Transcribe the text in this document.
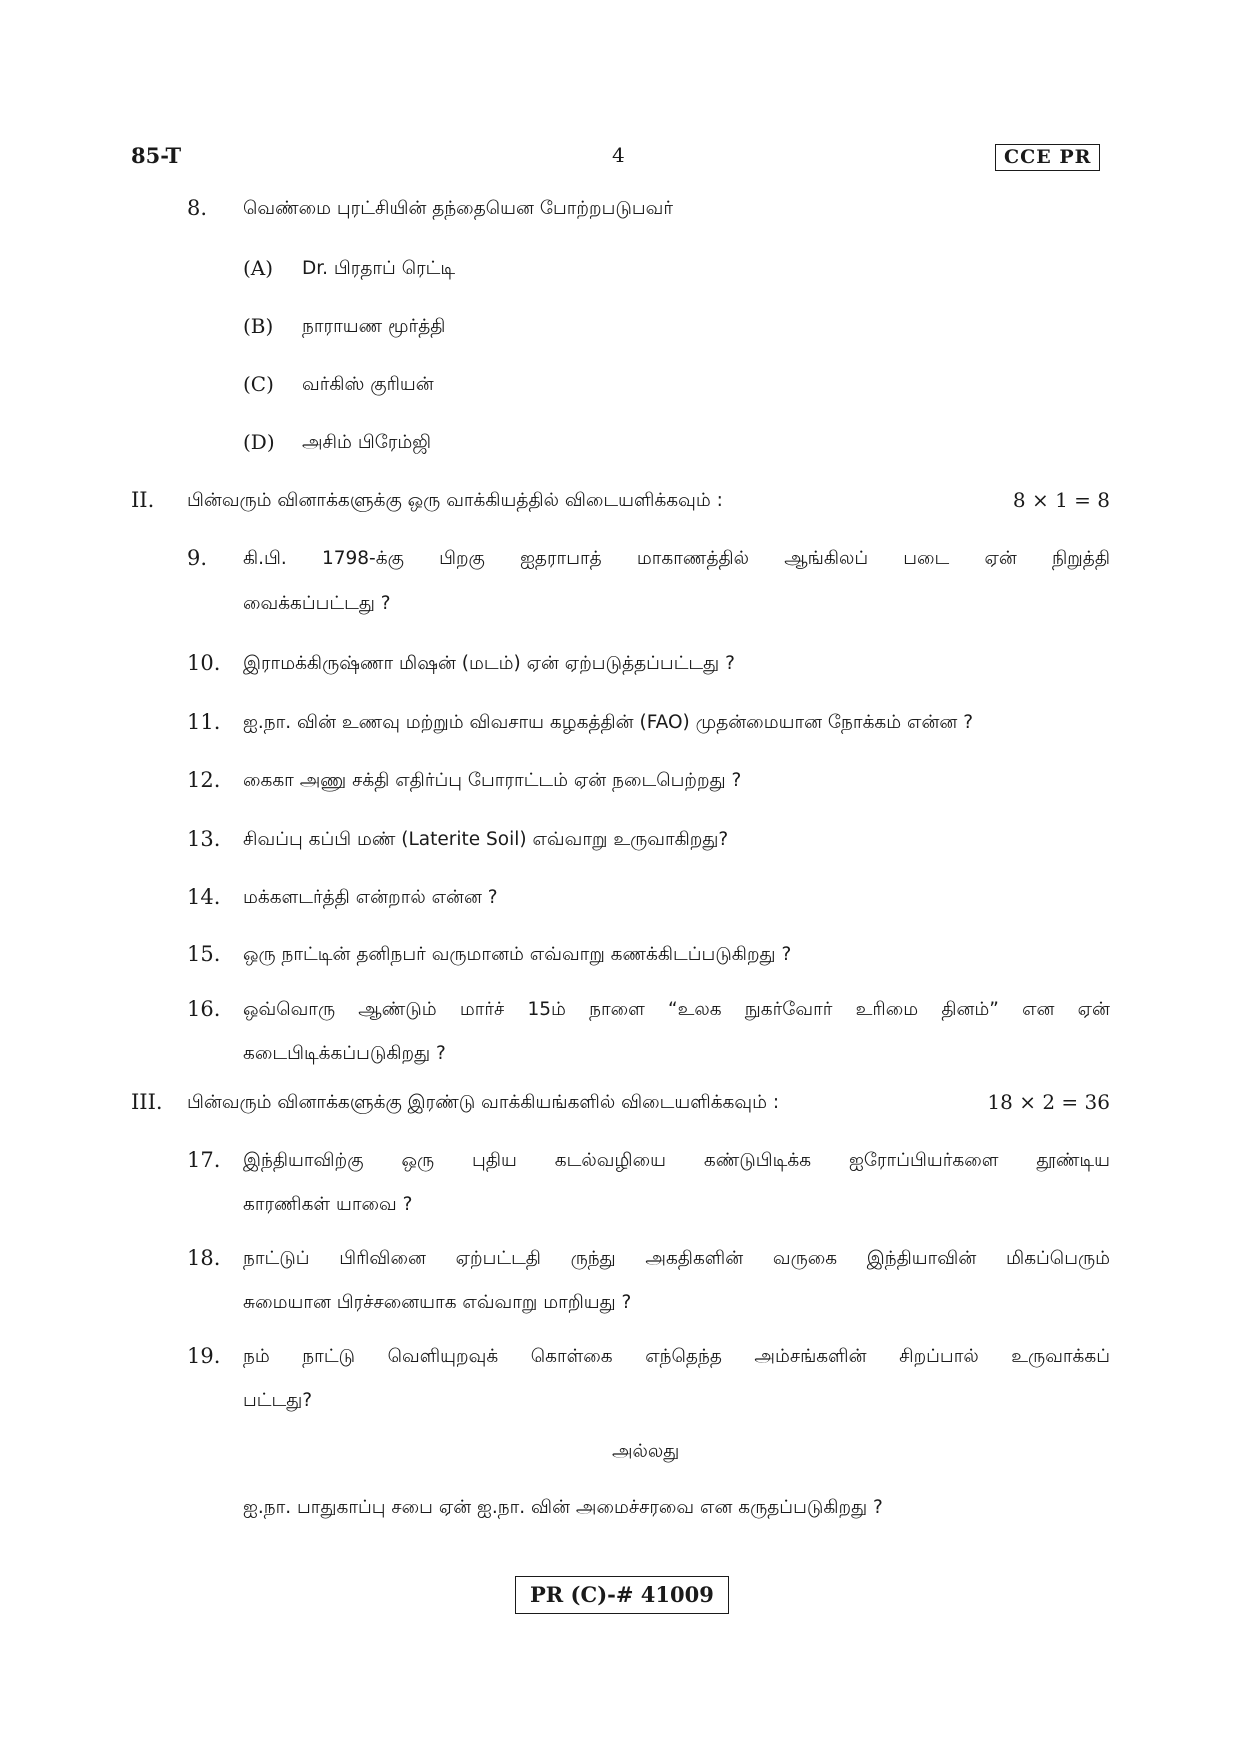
85-T	4	CCE PR
8. வெண்மை புரட்சியின் தந்தையென போற்றபடுபவர்
(A) Dr. பிரதாப் ரெட்டி
(B) நாராயண மூர்த்தி
(C) வர்கிஸ் குரியன்
(D) அசிம் பிரேம்ஜி
II. பின்வரும் வினாக்களுக்கு ஒரு வாக்கியத்தில் விடையளிக்கவும் :	8 × 1 = 8
9. கி.பி. 1798-க்கு பிறகு ஐதராபாத் மாகாணத்தில் ஆங்கிலப் படை ஏன் நிறுத்தி
வைக்கப்பட்டது ?
10. இராமக்கிருஷ்ணா மிஷன் (மடம்) ஏன் ஏற்படுத்தப்பட்டது ?
11. ஐ.நா. வின் உணவு மற்றும் விவசாய கழகத்தின் (FAO) முதன்மையான நோக்கம் என்ன ?
12. கைகா அணு சக்தி எதிர்ப்பு போராட்டம் ஏன் நடைபெற்றது ?
13. சிவப்பு கப்பி மண் (Laterite Soil) எவ்வாறு உருவாகிறது?
14. மக்களடர்த்தி என்றால் என்ன ?
15. ஒரு நாட்டின் தனிநபர் வருமானம் எவ்வாறு கணக்கிடப்படுகிறது ?
16. ஒவ்வொரு ஆண்டும் மார்ச் 15ம் நாளை “உலக நுகர்வோர் உரிமை தினம்” என ஏன்
கடைபிடிக்கப்படுகிறது ?
III. பின்வரும் வினாக்களுக்கு இரண்டு வாக்கியங்களில் விடையளிக்கவும் :	18 × 2 = 36
17. இந்தியாவிற்கு ஒரு புதிய கடல்வழியை கண்டுபிடிக்க ஐரோப்பியர்களை தூண்டிய
காரணிகள் யாவை ?
18. நாட்டுப் பிரிவினை ஏற்பட்டதி ருந்து அகதிகளின் வருகை இந்தியாவின் மிகப்பெரும்
சுமையான பிரச்சனையாக எவ்வாறு மாறியது ?
19. நம் நாட்டு வெளியுறவுக் கொள்கை எந்தெந்த அம்சங்களின் சிறப்பால் உருவாக்கப்
பட்டது?
அல்லது
ஐ.நா. பாதுகாப்பு சபை ஏன் ஐ.நா. வின் அமைச்சரவை என கருதப்படுகிறது ?
PR (C)-# 41009
